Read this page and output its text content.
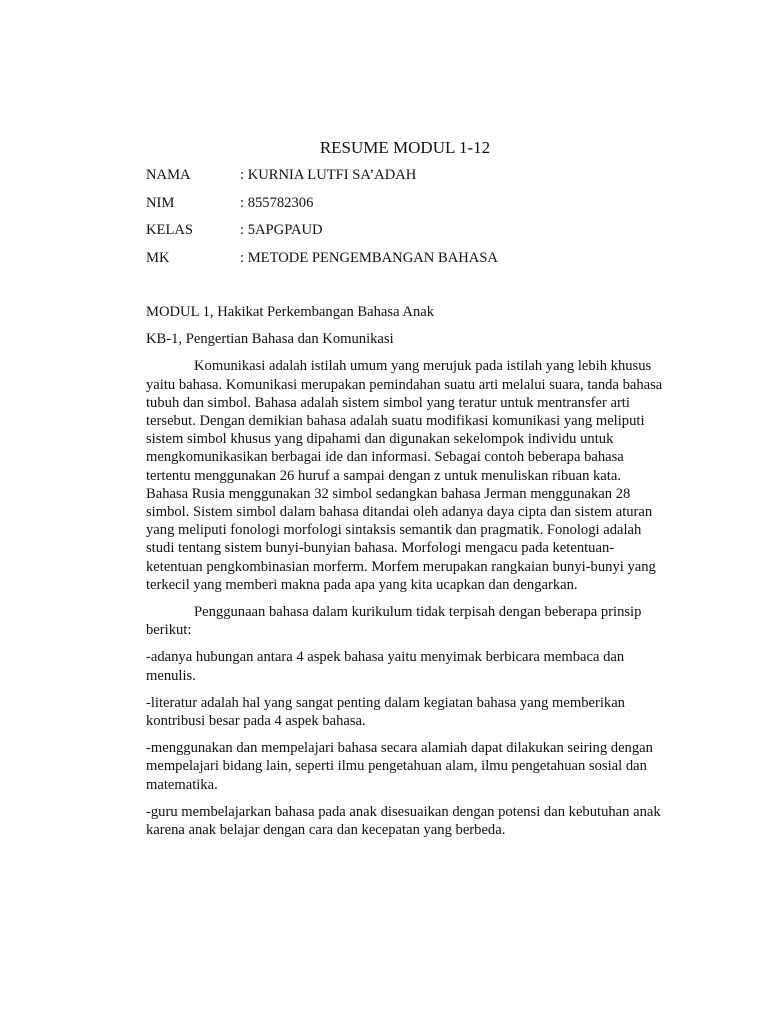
RESUME MODUL 1-12
NAMA	: KURNIA LUTFI SA’ADAH
NIM	: 855782306
KELAS	: 5APGPAUD
MK	: METODE PENGEMBANGAN BAHASA

MODUL 1, Hakikat Perkembangan Bahasa Anak

KB-1, Pengertian Bahasa dan Komunikasi

Komunikasi adalah istilah umum yang merujuk pada istilah yang lebih khusus yaitu bahasa. Komunikasi merupakan pemindahan suatu arti melalui suara, tanda bahasa tubuh dan simbol. Bahasa adalah sistem simbol yang teratur untuk mentransfer arti tersebut. Dengan demikian bahasa adalah suatu modifikasi komunikasi yang meliputi sistem simbol khusus yang dipahami dan digunakan sekelompok individu untuk mengkomunikasikan berbagai ide dan informasi. Sebagai contoh beberapa bahasa tertentu menggunakan 26 huruf a sampai dengan z untuk menuliskan ribuan kata. Bahasa Rusia menggunakan 32 simbol sedangkan bahasa Jerman menggunakan 28 simbol. Sistem simbol dalam bahasa ditandai oleh adanya daya cipta dan sistem aturan yang meliputi fonologi morfologi sintaksis semantik dan pragmatik. Fonologi adalah studi tentang sistem bunyi-bunyian bahasa. Morfologi mengacu pada ketentuan-ketentuan pengkombinasian morferm. Morfem merupakan rangkaian bunyi-bunyi yang terkecil yang memberi makna pada apa yang kita ucapkan dan dengarkan.

Penggunaan bahasa dalam kurikulum tidak terpisah dengan beberapa prinsip berikut:

-adanya hubungan antara 4 aspek bahasa yaitu menyimak berbicara membaca dan menulis.

-literatur adalah hal yang sangat penting dalam kegiatan bahasa yang memberikan kontribusi besar pada 4 aspek bahasa.

-menggunakan dan mempelajari bahasa secara alamiah dapat dilakukan seiring dengan mempelajari bidang lain, seperti ilmu pengetahuan alam, ilmu pengetahuan sosial dan matematika.

-guru membelajarkan bahasa pada anak disesuaikan dengan potensi dan kebutuhan anak karena anak belajar dengan cara dan kecepatan yang berbeda.
